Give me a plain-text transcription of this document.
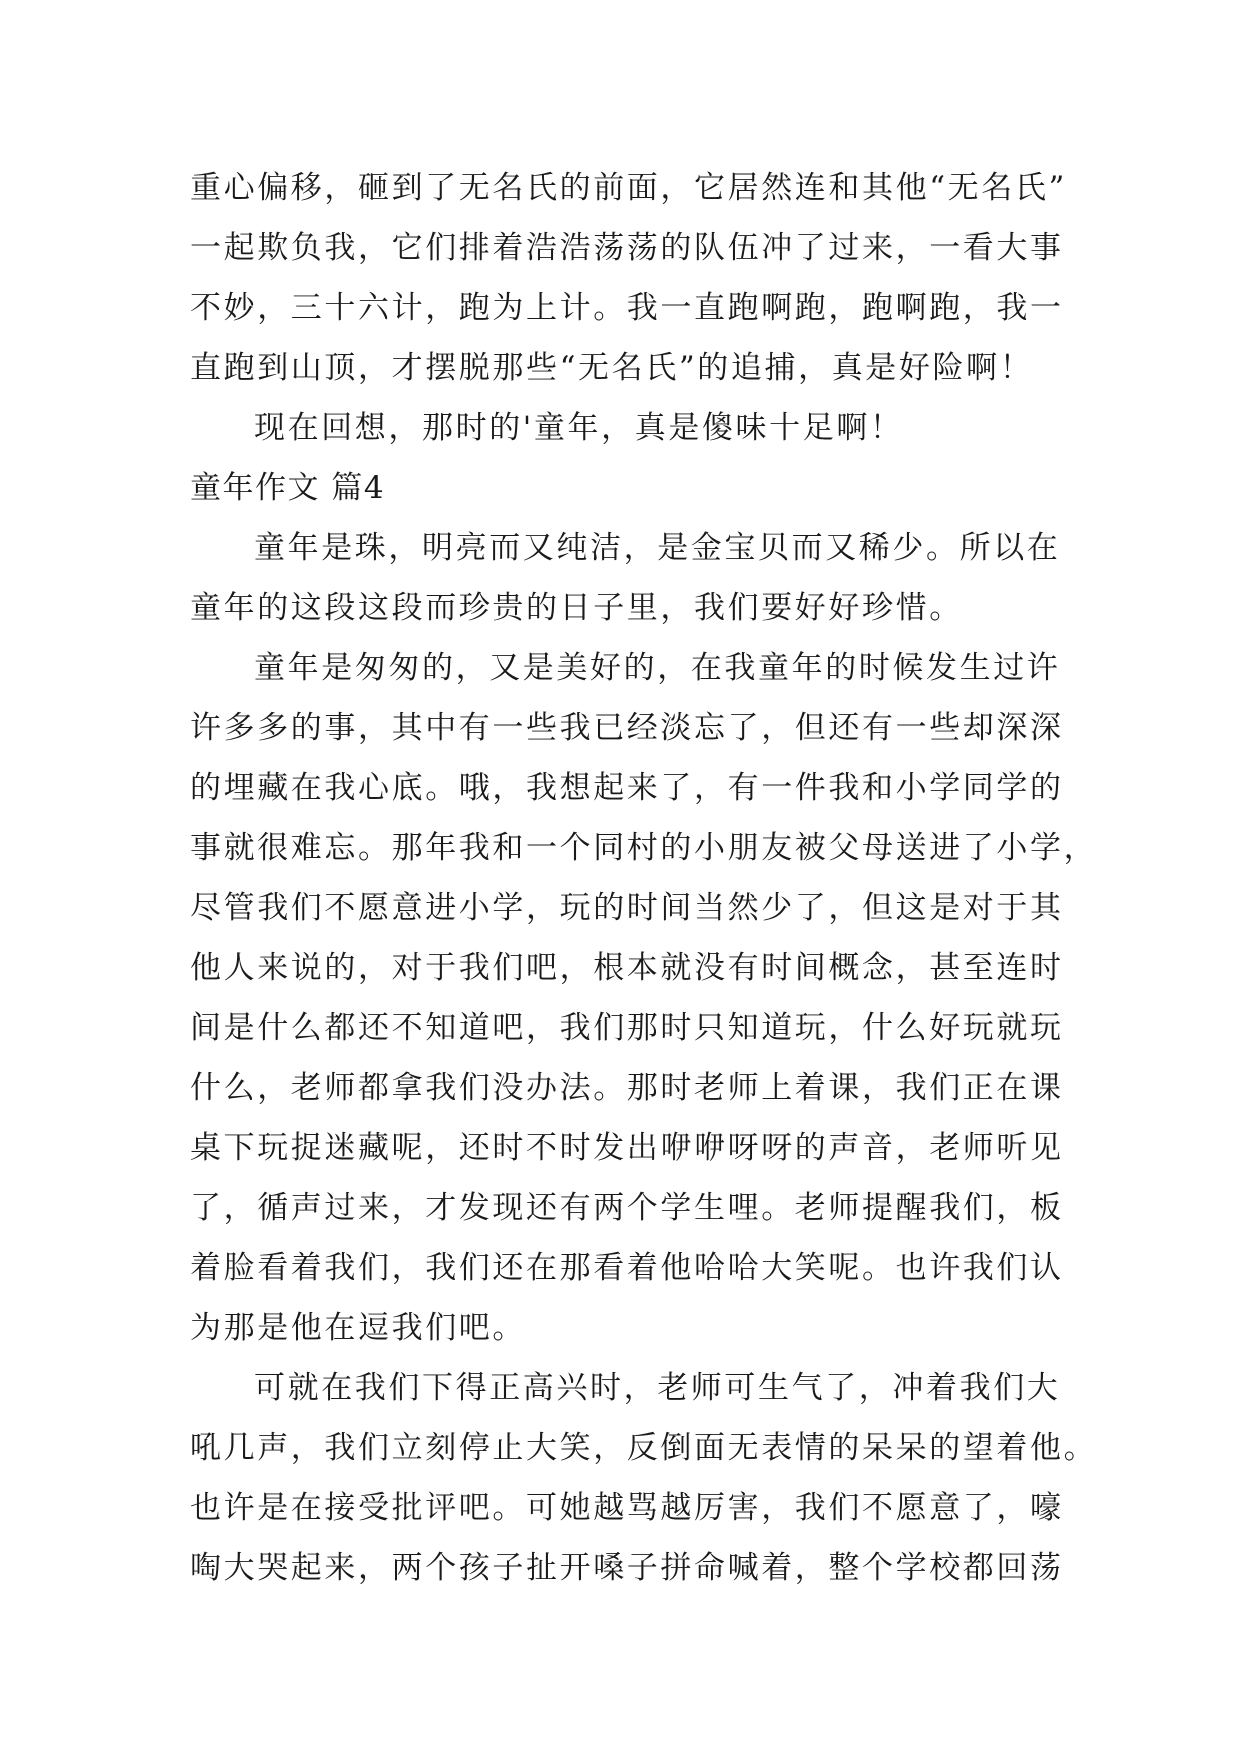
重心偏移，砸到了无名氏的前面，它居然连和其他“无名氏”
一起欺负我，它们排着浩浩荡荡的队伍冲了过来，一看大事
不妙，三十六计，跑为上计。我一直跑啊跑，跑啊跑，我一
直跑到山顶，才摆脱那些“无名氏”的追捕，真是好险啊！
现在回想，那时的'童年，真是傻味十足啊！
童年作文 篇4
童年是珠，明亮而又纯洁，是金宝贝而又稀少。所以在
童年的这段这段而珍贵的日子里，我们要好好珍惜。
童年是匆匆的，又是美好的，在我童年的时候发生过许
许多多的事，其中有一些我已经淡忘了，但还有一些却深深
的埋藏在我心底。哦，我想起来了，有一件我和小学同学的
事就很难忘。那年我和一个同村的小朋友被父母送进了小学，
尽管我们不愿意进小学，玩的时间当然少了，但这是对于其
他人来说的，对于我们吧，根本就没有时间概念，甚至连时
间是什么都还不知道吧，我们那时只知道玩，什么好玩就玩
什么，老师都拿我们没办法。那时老师上着课，我们正在课
桌下玩捉迷藏呢，还时不时发出咿咿呀呀的声音，老师听见
了，循声过来，才发现还有两个学生哩。老师提醒我们，板
着脸看着我们，我们还在那看着他哈哈大笑呢。也许我们认
为那是他在逗我们吧。
可就在我们下得正高兴时，老师可生气了，冲着我们大
吼几声，我们立刻停止大笑，反倒面无表情的呆呆的望着他。
也许是在接受批评吧。可她越骂越厉害，我们不愿意了，嚎
啕大哭起来，两个孩子扯开嗓子拼命喊着，整个学校都回荡
